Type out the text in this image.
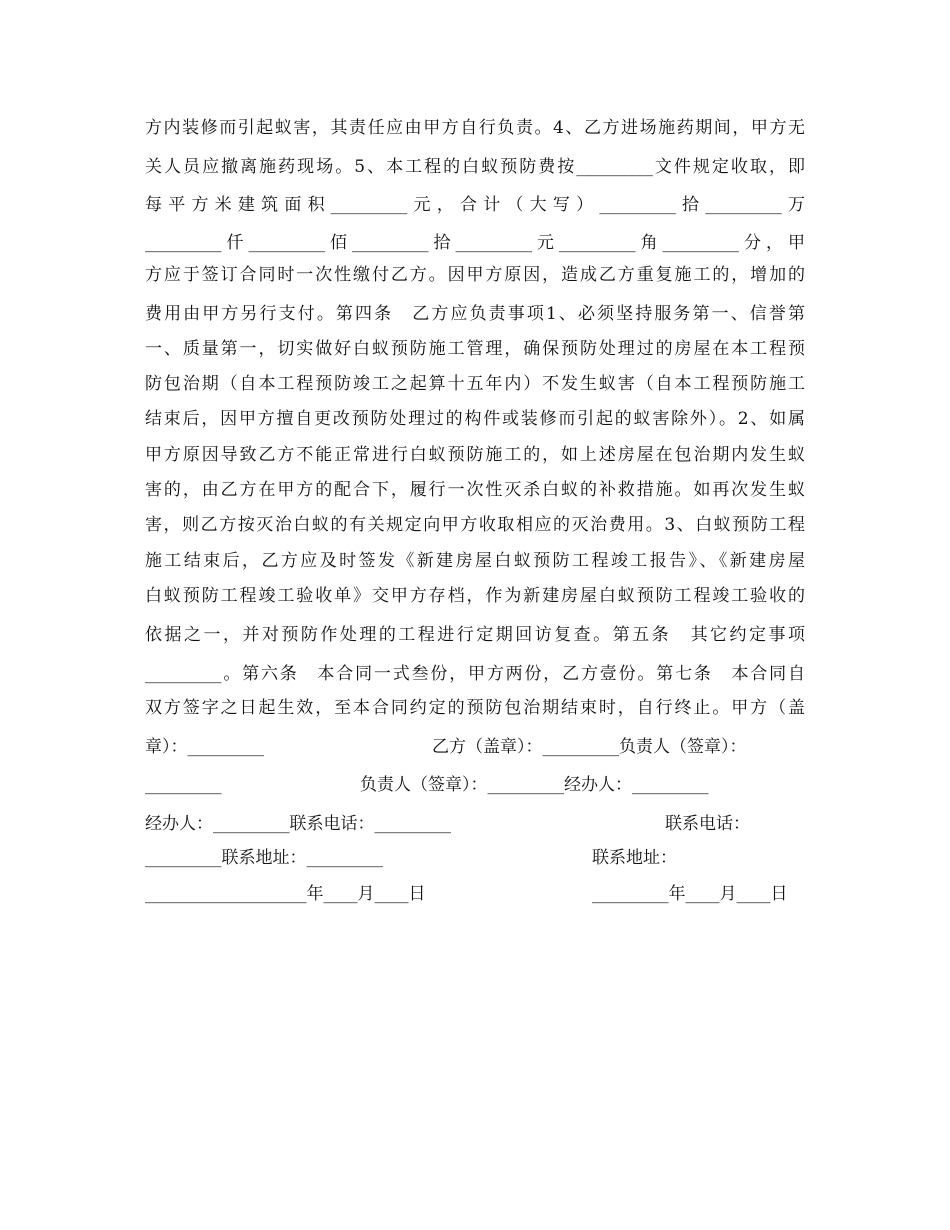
方内装修而引起蚁害，其责任应由甲方自行负责。4、乙方进场施药期间，甲方无
关人员应撤离施药现场。5、本工程的白蚁预防费按_________文件规定收取，即
每平方米建筑面积_________元，合计（大写）_________拾_________万
_________仟_________佰_________拾_________元_________角_________分，甲
方应于签订合同时一次性缴付乙方。因甲方原因，造成乙方重复施工的，增加的
费用由甲方另行支付。第四条　乙方应负责事项1、必须坚持服务第一、信誉第
一、质量第一，切实做好白蚁预防施工管理，确保预防处理过的房屋在本工程预
防包治期（自本工程预防竣工之起算十五年内）不发生蚁害（自本工程预防施工
结束后，因甲方擅自更改预防处理过的构件或装修而引起的蚁害除外）。2、如属
甲方原因导致乙方不能正常进行白蚁预防施工的，如上述房屋在包治期内发生蚁
害的，由乙方在甲方的配合下，履行一次性灭杀白蚁的补救措施。如再次发生蚁
害，则乙方按灭治白蚁的有关规定向甲方收取相应的灭治费用。3、白蚁预防工程
施工结束后，乙方应及时签发《新建房屋白蚁预防工程竣工报告》、《新建房屋
白蚁预防工程竣工验收单》交甲方存档，作为新建房屋白蚁预防工程竣工验收的
依据之一，并对预防作处理的工程进行定期回访复查。第五条　其它约定事项
_________。第六条　本合同一式叁份，甲方两份，乙方壹份。第七条　本合同自
双方签字之日起生效，至本合同约定的预防包治期结束时，自行终止。甲方（盖
章）：_________	乙方（盖章）：_________负责人（签章）：
_________	负责人（签章）：_________经办人：_________
经办人：_________联系电话：_________	联系电话：
_________联系地址：_________	联系地址：
___________________年____月____日	_________年____月____日
